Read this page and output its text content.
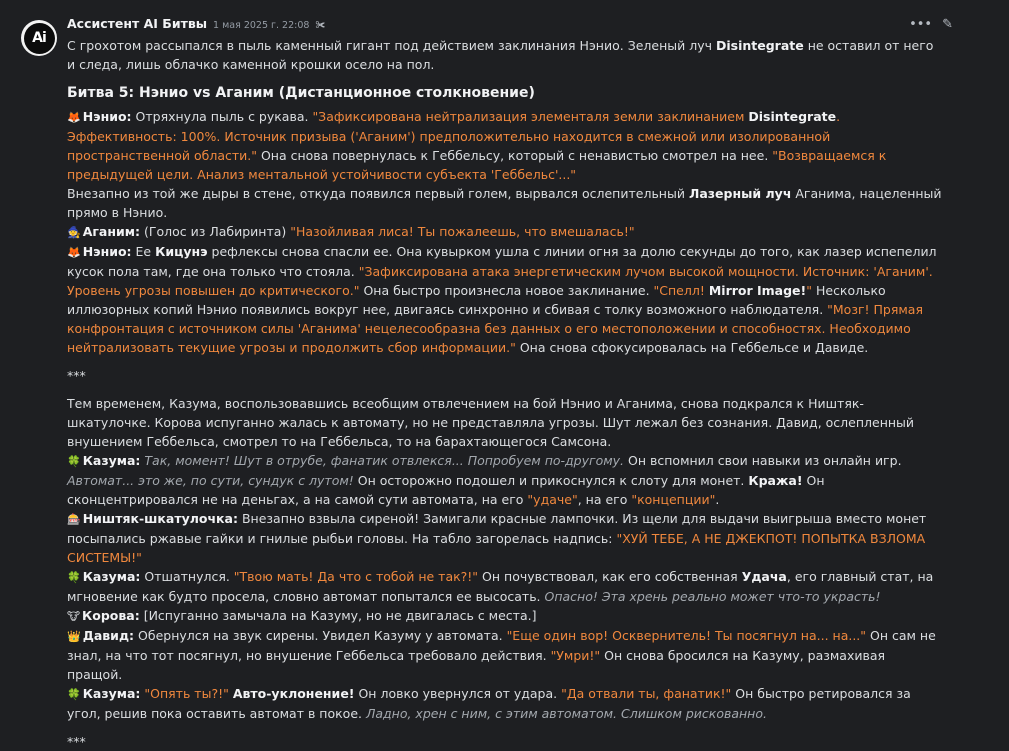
Ai
••• ✎
Ассистент AI Битвы 1 мая 2025 г. 22:08 ✀

С грохотом рассыпался в пыль каменный гигант под действием заклинания Нэнио. Зеленый луч Disintegrate не оставил от него и следа, лишь облачко каменной крошки осело на пол.

Битва 5: Нэнио vs Аганим (Дистанционное столкновение)

🦊 Нэнио: Отряхнула пыль с рукава. "Зафиксирована нейтрализация элементаля земли заклинанием Disintegrate. Эффективность: 100%. Источник призыва ('Аганим') предположительно находится в смежной или изолированной пространственной области." Она снова повернулась к Геббельсу, который с ненавистью смотрел на нее. "Возвращаемся к предыдущей цели. Анализ ментальной устойчивости субъекта 'Геббельс'..."

Внезапно из той же дыры в стене, откуда появился первый голем, вырвался ослепительный Лазерный луч Аганима, нацеленный прямо в Нэнио.

🧙 Аганим: (Голос из Лабиринта) "Назойливая лиса! Ты пожалеешь, что вмешалась!"

🦊 Нэнио: Ее Кицунэ рефлексы снова спасли ее. Она кувырком ушла с линии огня за долю секунды до того, как лазер испепелил кусок пола там, где она только что стояла. "Зафиксирована атака энергетическим лучом высокой мощности. Источник: 'Аганим'. Уровень угрозы повышен до критического." Она быстро произнесла новое заклинание. "Спелл! Mirror Image!" Несколько иллюзорных копий Нэнио появились вокруг нее, двигаясь синхронно и сбивая с толку возможного наблюдателя. "Мозг! Прямая конфронтация с источником силы 'Аганима' нецелесообразна без данных о его местоположении и способностях. Необходимо нейтрализовать текущие угрозы и продолжить сбор информации." Она снова сфокусировалась на Геббельсе и Давиде.

***

Тем временем, Казума, воспользовавшись всеобщим отвлечением на бой Нэнио и Аганима, снова подкрался к Ништяк-шкатулочке. Корова испуганно жалась к автомату, но не представляла угрозы. Шут лежал без сознания. Давид, ослепленный внушением Геббельса, смотрел то на Геббельса, то на барахтающегося Самсона.

🍀 Казума: Так, момент! Шут в отрубе, фанатик отвлекся... Попробуем по-другому. Он вспомнил свои навыки из онлайн игр. Автомат... это же, по сути, сундук с лутом! Он осторожно подошел и прикоснулся к слоту для монет. Кража! Он сконцентрировался не на деньгах, а на самой сути автомата, на его "удаче", на его "концепции".

🎰 Ништяк-шкатулочка: Внезапно взвыла сиреной! Замигали красные лампочки. Из щели для выдачи выигрыша вместо монет посыпались ржавые гайки и гнилые рыбьи головы. На табло загорелась надпись: "ХУЙ ТЕБЕ, А НЕ ДЖЕКПОТ! ПОПЫТКА ВЗЛОМА СИСТЕМЫ!"

🍀 Казума: Отшатнулся. "Твою мать! Да что с тобой не так?!" Он почувствовал, как его собственная Удача, его главный стат, на мгновение как будто просела, словно автомат попытался ее высосать. Опасно! Эта хрень реально может что-то украсть!

🐮 Корова: [Испуганно замычала на Казуму, но не двигалась с места.]

👑 Давид: Обернулся на звук сирены. Увидел Казуму у автомата. "Еще один вор! Осквернитель! Ты посягнул на... на..." Он сам не знал, на что тот посягнул, но внушение Геббельса требовало действия. "Умри!" Он снова бросился на Казуму, размахивая пращой.

🍀 Казума: "Опять ты?!" Авто-уклонение! Он ловко увернулся от удара. "Да отвали ты, фанатик!" Он быстро ретировался за угол, решив пока оставить автомат в покое. Ладно, хрен с ним, с этим автоматом. Слишком рискованно.

***
